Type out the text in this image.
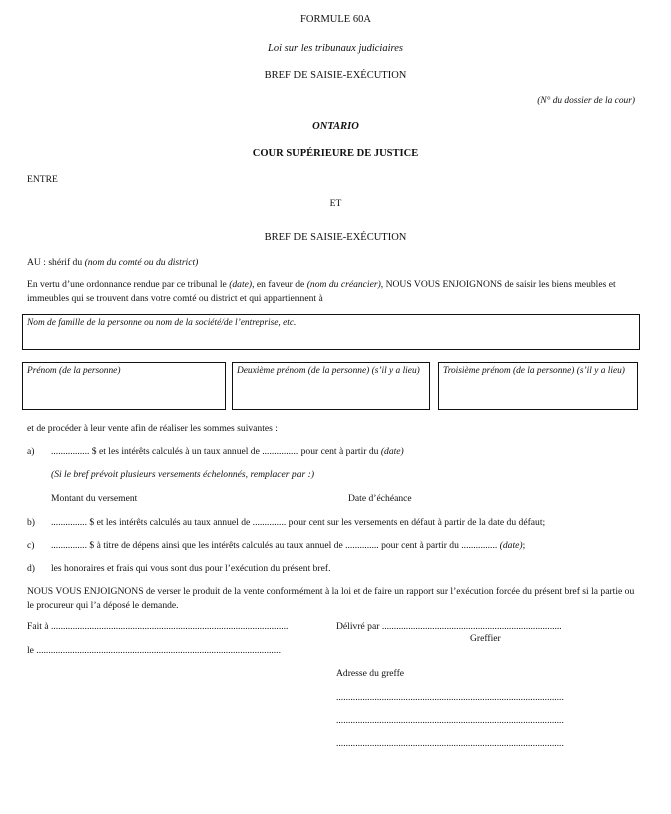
FORMULE 60A
Loi sur les tribunaux judiciaires
BREF DE SAISIE-EXÉCUTION
(N° du dossier de la cour)
ONTARIO
COUR SUPÉRIEURE DE JUSTICE
ENTRE
ET
BREF DE SAISIE-EXÉCUTION
AU : shérif du (nom du comté ou du district)
En vertu d’une ordonnance rendue par ce tribunal le (date), en faveur de (nom du créancier), NOUS VOUS ENJOIGNONS de saisir les biens meubles et immeubles qui se trouvent dans votre comté ou district et qui appartiennent à
Nom de famille de la personne ou nom de la société/de l’entreprise, etc.
Prénom (de la personne)	Deuxième prénom (de la personne) (s’il y a lieu)	Troisième prénom (de la personne) (s’il y a lieu)
et de procéder à leur vente afin de réaliser les sommes suivantes :
a) ................ $ et les intérêts calculés à un taux annuel de ............... pour cent à partir du (date)
(Si le bref prévoit plusieurs versements échelonnés, remplacer par :)
Montant du versement	Date d’échéance
b) ............... $ et les intérêts calculés au taux annuel de .............. pour cent sur les versements en défaut à partir de la date du défaut;
c) ............... $ à titre de dépens ainsi que les intérêts calculés au taux annuel de .............. pour cent à partir du ............... (date);
d) les honoraires et frais qui vous sont dus pour l’exécution du présent bref.
NOUS VOUS ENJOIGNONS de verser le produit de la vente conformément à la loi et de faire un rapport sur l’exécution forcée du présent bref si la partie ou le procureur qui l’a déposé le demande.
Fait à ...................................................................................................	Délivré par ...........................................................................
Greffier
le ......................................................................................................
Adresse du greffe
...............................................................................................
...............................................................................................
...............................................................................................
